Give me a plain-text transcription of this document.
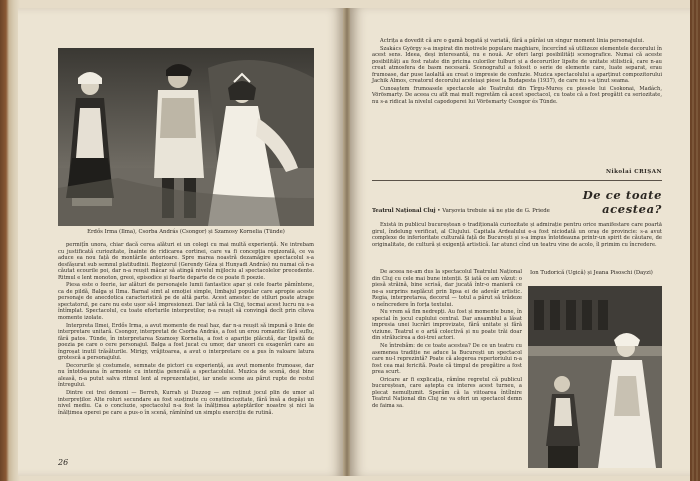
Erdős Irma (Ilma), Csorba András (Csongor) și Szamosy Kornelia (Tünde)

permițîn unora, chiar dacă cerea alături ei un colegi cu mai multă experiență. Ne intrebam cu justificată curiozitate, înainte de ridicarea cortinei, care va fi concepția regizorală, ce va aduce ea nou față de montările anterioare. Spre marea noastră dezamăgire spectacolul s-a desfășurat sub semnul platitudinii. Regizorul (Gerendy Géza și Hunyadi András) nu numai că n-a căutat ecourile poi, dar n-a reușit măcar să atingă nivelul mijlociu al spectacolelor precedente. Ritmul e lent monoton, greoi, episodice și foarte departe de ce poate fi poezie.

Piesa este o feerie, iar alături de personajele lumii fantastice apar și cele foarte pămîntene, ca de pildă, Balga și Ilma. Barnal simt al emoției simple, limbajul popular care apropie aceste personaje de anecdotica caracteristică pe de altă parte. Acest amestec de stiluri poate atrage spectatorul, pe care nu este ușor să-l impresionezi. Dar iată că la Cluj, tocmai acest lucru nu s-a întîmplat. Spectacolul, cu toate eforturile interpretilor, n-a reușit să convingă decît prin cîteva momente izolate.

Interpreta Ilmei, Erdős Irma, a avut momente de real haz, dar n-a reușit să impună o linie de interpretare unitară. Csongor, interpretat de Csorba András, a fost un erou romantic fără suflu, fără patos. Tünde, în interpretarea Szamosy Kornelia, a fost o apariție plăcută, dar lipsită de poezia pe care o cere personajul. Balga a fost jucat cu umor, dar uneori cu exagerări care au îngroșat inutil trăsăturile. Mirigy, vrăjitoarea, a avut o interpretare ce a pus în valoare latura grotescă a personajului.

Decorurile și costumele, semnate de pictori cu experiență, au avut momente frumoase, dar nu întotdeauna în armonie cu intenția generală a spectacolului. Muzica de scenă, deși bine aleasă, n-a putut salva ritmul lent al reprezentației, iar unele scene au părut rupte de restul întregului.

Dintre cei trei demoni — Berreh, Kurrah și Duzzog — am reținut jocul plin de umor al interpreților. Alte roluri secundare au fost susținute cu conștiinciozitate, fără însă a depăși un nivel mediu. Ca o concluzie, spectacolul n-a fost la înălțimea așteptărilor noastre și nici la înălțimea operei pe care a pus-o în scenă, rămînînd un simplu exercițiu de rutină.

26

Actrița a dovedit că are o gamă bogată și variată, fără a părăsi un singur moment linia personajului.

Szakács György s-a inspirat din motivele populare maghiare, încercînd să utilizeze elementele decorului în acest sens. Ideea, deși interesantă, nu e nouă. Ar oferi largi posibilități scenografice. Numai că aceste posibilități au fost ratate din pricina culorilor tulburi și a decorurilor lipsite de unitate stilistică, care n-au creat atmosfera de basm necesară. Scenograful a folosit o serie de elemente care, luate separat, erau frumoase, dar puse laolaltă au creat o impresie de confuzie. Muzica spectacolului a aparținut compozitorului Jachik Almos, creatorul decorului aceleiași piese la Budapesta (1937), de care nu s-a ținut seama.

Cunoaștem frumoasele spectacole ale Teatrului din Tîrgu-Mureș cu piesele lui Csokonai, Madách, Vörösmarty. De aceea cu atît mai mult regretăm că acest spectacol, cu toate că a fost pregătit cu seriozitate, nu s-a ridicat la nivelul capodoperei lui Vörösmarty Csongor és Tünde.

Nikolai CRIȘAN
De ce toate acestea?
Teatrul Național Cluj • Varșovia trebuie să ne știe de G. Priede

Există în publicul bucureștean o tradițională curiozitate și admirație pentru orice manifestare care poartă girul, îndelung verificat, al Clujului. Capitala Ardealului e-a fost niciodată un oraș de provincie: s-a avut complexe de inferioritate culturală față de București și s-a impus întotdeauna printr-un spirit de căutare, de originalitate, de cultură și exigență artistică. Iar atunci cînd un teatru vine de acolo, îl primim cu încredere.

De aceea ne-am dus la spectacolul Teatrului Național din Cluj cu cele mai bune intenții. Și iată ce am văzut: o piesă străină, bine scrisă, dar jucată într-o manieră ce ne-a surprins neplăcut prin lipsa ei de adevăr artistic. Regia, interpretarea, decorul — totul a părut să trădeze o neîncredere în forța textului.

Nu vrem să fim nedrepți. Au fost și momente bune, în special în jocul cuplului central. Dar ansamblul a lăsat impresia unei lucrări improvizate, fără unitate și fără viziune. Teatrul e o artă colectivă și nu poate trăi doar din strălucirea a doi-trei actori.

Ne întrebăm: de ce toate acestea? De ce un teatru cu asemenea tradiție ne aduce la București un spectacol care nu-l reprezintă? Poate că alegerea repertoriului n-a fost cea mai fericită. Poate că timpul de pregătire a fost prea scurt.

Oricare ar fi explicația, rămîne regretul că publicul bucureștean, care aștepta cu interes acest turneu, a plecat nemulțumit. Sperăm că la viitoarea întîlnire Teatrul Național din Cluj ne va oferi un spectacol demn de faima sa.

Ion Tudorică (Ugică) și Jeana Pisoschi (Dayzi)
